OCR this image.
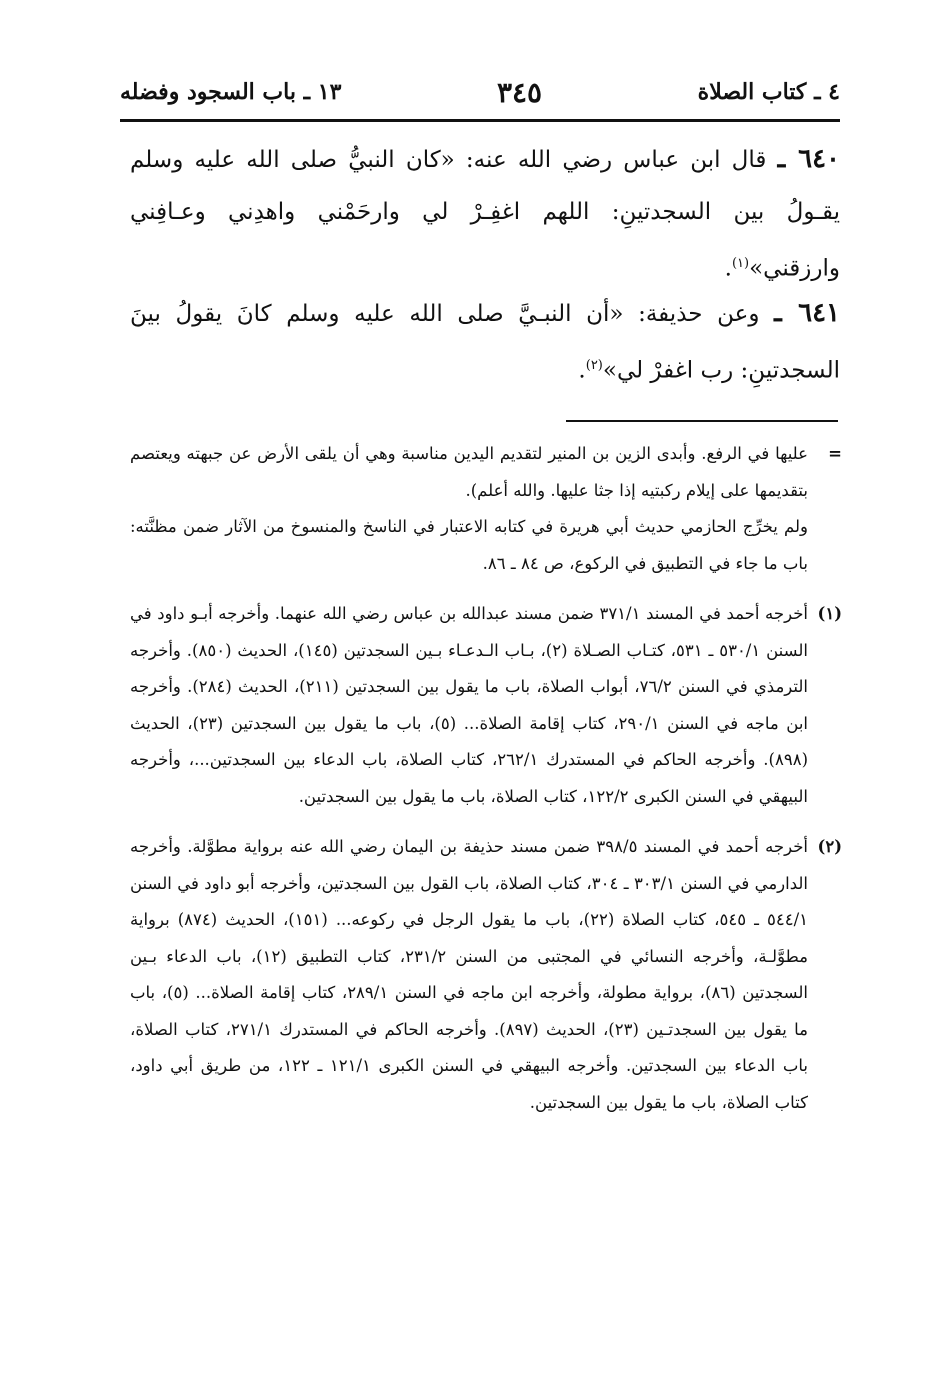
٤ ـ كتاب الصلاة
٣٤٥
١٣ ـ باب السجود وفضله
٦٤٠ ـ قال ابن عباس رضي الله عنه: «كان النبيُّ صلى الله عليه وسلم يقـولُ بين السجدتينِ: اللهم اغفِـرْ لي وارحَمْني واهدِني وعـافِني وارزقني»$^{(١)}$.
٦٤١ ـ وعن حذيفة: «أن النبـيَّ صلى الله عليه وسلم كانَ يقولُ بينَ السجدتينِ: رب اغفرْ لي»$^{(٢)}$.
=

عليها في الرفع. وأبدى الزين بن المنير لتقديم اليدين مناسبة وهي أن يلقى الأرض عن جبهته ويعتصم بتقديمها على إيلام ركبتيه إذا جثا عليها. والله أعلم).

ولم يخرِّج الحازمي حديث أبي هريرة في كتابه الاعتبار في الناسخ والمنسوخ من الآثار ضمن مظنَّته: باب ما جاء في التطبيق في الركوع، ص ٨٤ ـ ٨٦.

(١)

أخرجه أحمد في المسند ٣٧١/١ ضمن مسند عبدالله بن عباس رضي الله عنهما. وأخرجه أبـو داود في السنن ٥٣٠/١ ـ ٥٣١، كتـاب الصـلاة (٢)، بـاب الـدعـاء بـين السجدتين (١٤٥)، الحديث (٨٥٠). وأخرجه الترمذي في السنن ٧٦/٢، أبواب الصلاة، باب ما يقول بين السجدتين (٢١١)، الحديث (٢٨٤). وأخرجه ابن ماجه في السنن ٢٩٠/١، كتاب إقامة الصلاة... (٥)، باب ما يقول بين السجدتين (٢٣)، الحديث (٨٩٨). وأخرجه الحاكم في المستدرك ٢٦٢/١، كتاب الصلاة، باب الدعاء بين السجدتين...، وأخرجه البيهقي في السنن الكبرى ١٢٢/٢، كتاب الصلاة، باب ما يقول بين السجدتين.

(٢)

أخرجه أحمد في المسند ٣٩٨/٥ ضمن مسند حذيفة بن اليمان رضي الله عنه برواية مطوَّلة. وأخرجه الدارمي في السنن ٣٠٣/١ ـ ٣٠٤، كتاب الصلاة، باب القول بين السجدتين، وأخرجه أبو داود في السنن ٥٤٤/١ ـ ٥٤٥، كتاب الصلاة (٢٢)، باب ما يقول الرجل في ركوعه... (١٥١)، الحديث (٨٧٤) برواية مطوَّلـة، وأخرجه النسائي في المجتبى من السنن ٢٣١/٢، كتاب التطبيق (١٢)، باب الدعاء بـين السجدتين (٨٦)، برواية مطولة، وأخرجه ابن ماجه في السنن ٢٨٩/١، كتاب إقامة الصلاة... (٥)، باب ما يقول بين السجدتـين (٢٣)، الحديث (٨٩٧). وأخرجه الحاكم في المستدرك ٢٧١/١، كتاب الصلاة، باب الدعاء بين السجدتين. وأخرجه البيهقي في السنن الكبرى ١٢١/١ ـ ١٢٢، من طريق أبي داود، كتاب الصلاة، باب ما يقول بين السجدتين.
